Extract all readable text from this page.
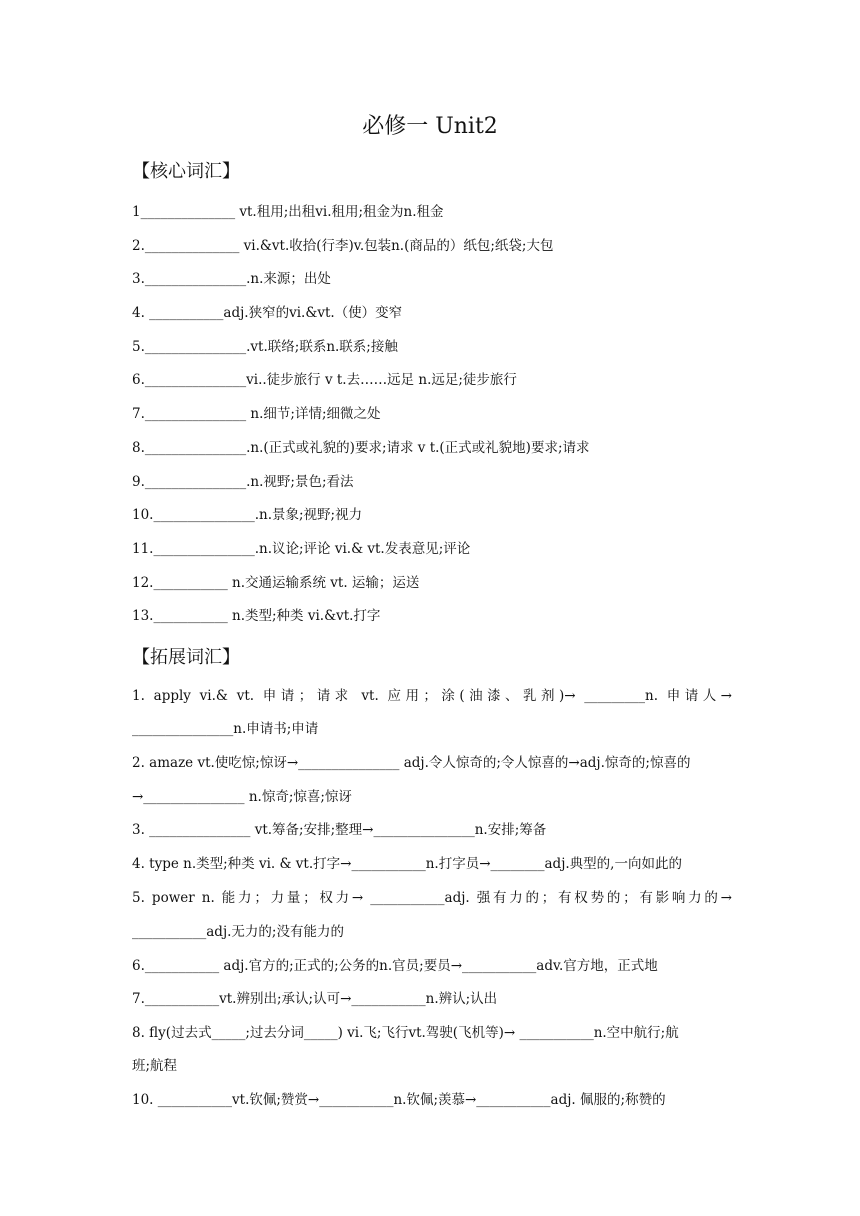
必修一 Unit2
【核心词汇】
1______________ vt.租用;出租vi.租用;租金为n.租金
2.______________ vi.&vt.收拾(行李)v.包装n.(商品的）纸包;纸袋;大包
3._______________.n.来源；出处
4. ___________adj.狭窄的vi.&vt.（使）变窄
5._______________.vt.联络;联系n.联系;接触
6._______________vi..徒步旅行 v t.去……远足 n.远足;徒步旅行
7._______________ n.细节;详情;细微之处
8._______________.n.(正式或礼貌的)要求;请求 v t.(正式或礼貌地)要求;请求
9._______________.n.视野;景色;看法
10._______________.n.景象;视野;视力
11._______________.n.议论;评论 vi.& vt.发表意见;评论
12.___________ n.交通运输系统 vt. 运输；运送
13.___________ n.类型;种类 vi.&vt.打字
【拓展词汇】
1. apply vi.& vt. 申请；请求 vt. 应用；涂(油漆、乳剂)→ _________n. 申请人→
_______________n.申请书;申请
2. amaze vt.使吃惊;惊讶→_______________ adj.令人惊奇的;令人惊喜的→adj.惊奇的;惊喜的
→_______________ n.惊奇;惊喜;惊讶
3. _______________ vt.筹备;安排;整理→_______________n.安排;筹备
4. type n.类型;种类 vi. & vt.打字→___________n.打字员→________adj.典型的,一向如此的
5. power n. 能力；力量；权力→ ___________adj. 强有力的；有权势的；有影响力的→
___________adj.无力的;没有能力的
6.___________ adj.官方的;正式的;公务的n.官员;要员→___________adv.官方地，正式地
7.___________vt.辨别出;承认;认可→___________n.辨认;认出
8. fly(过去式_____;过去分词_____) vi.飞;飞行vt.驾驶(飞机等)→ ___________n.空中航行;航
班;航程
10. ___________vt.钦佩;赞赏→___________n.钦佩;羡慕→___________adj. 佩服的;称赞的
